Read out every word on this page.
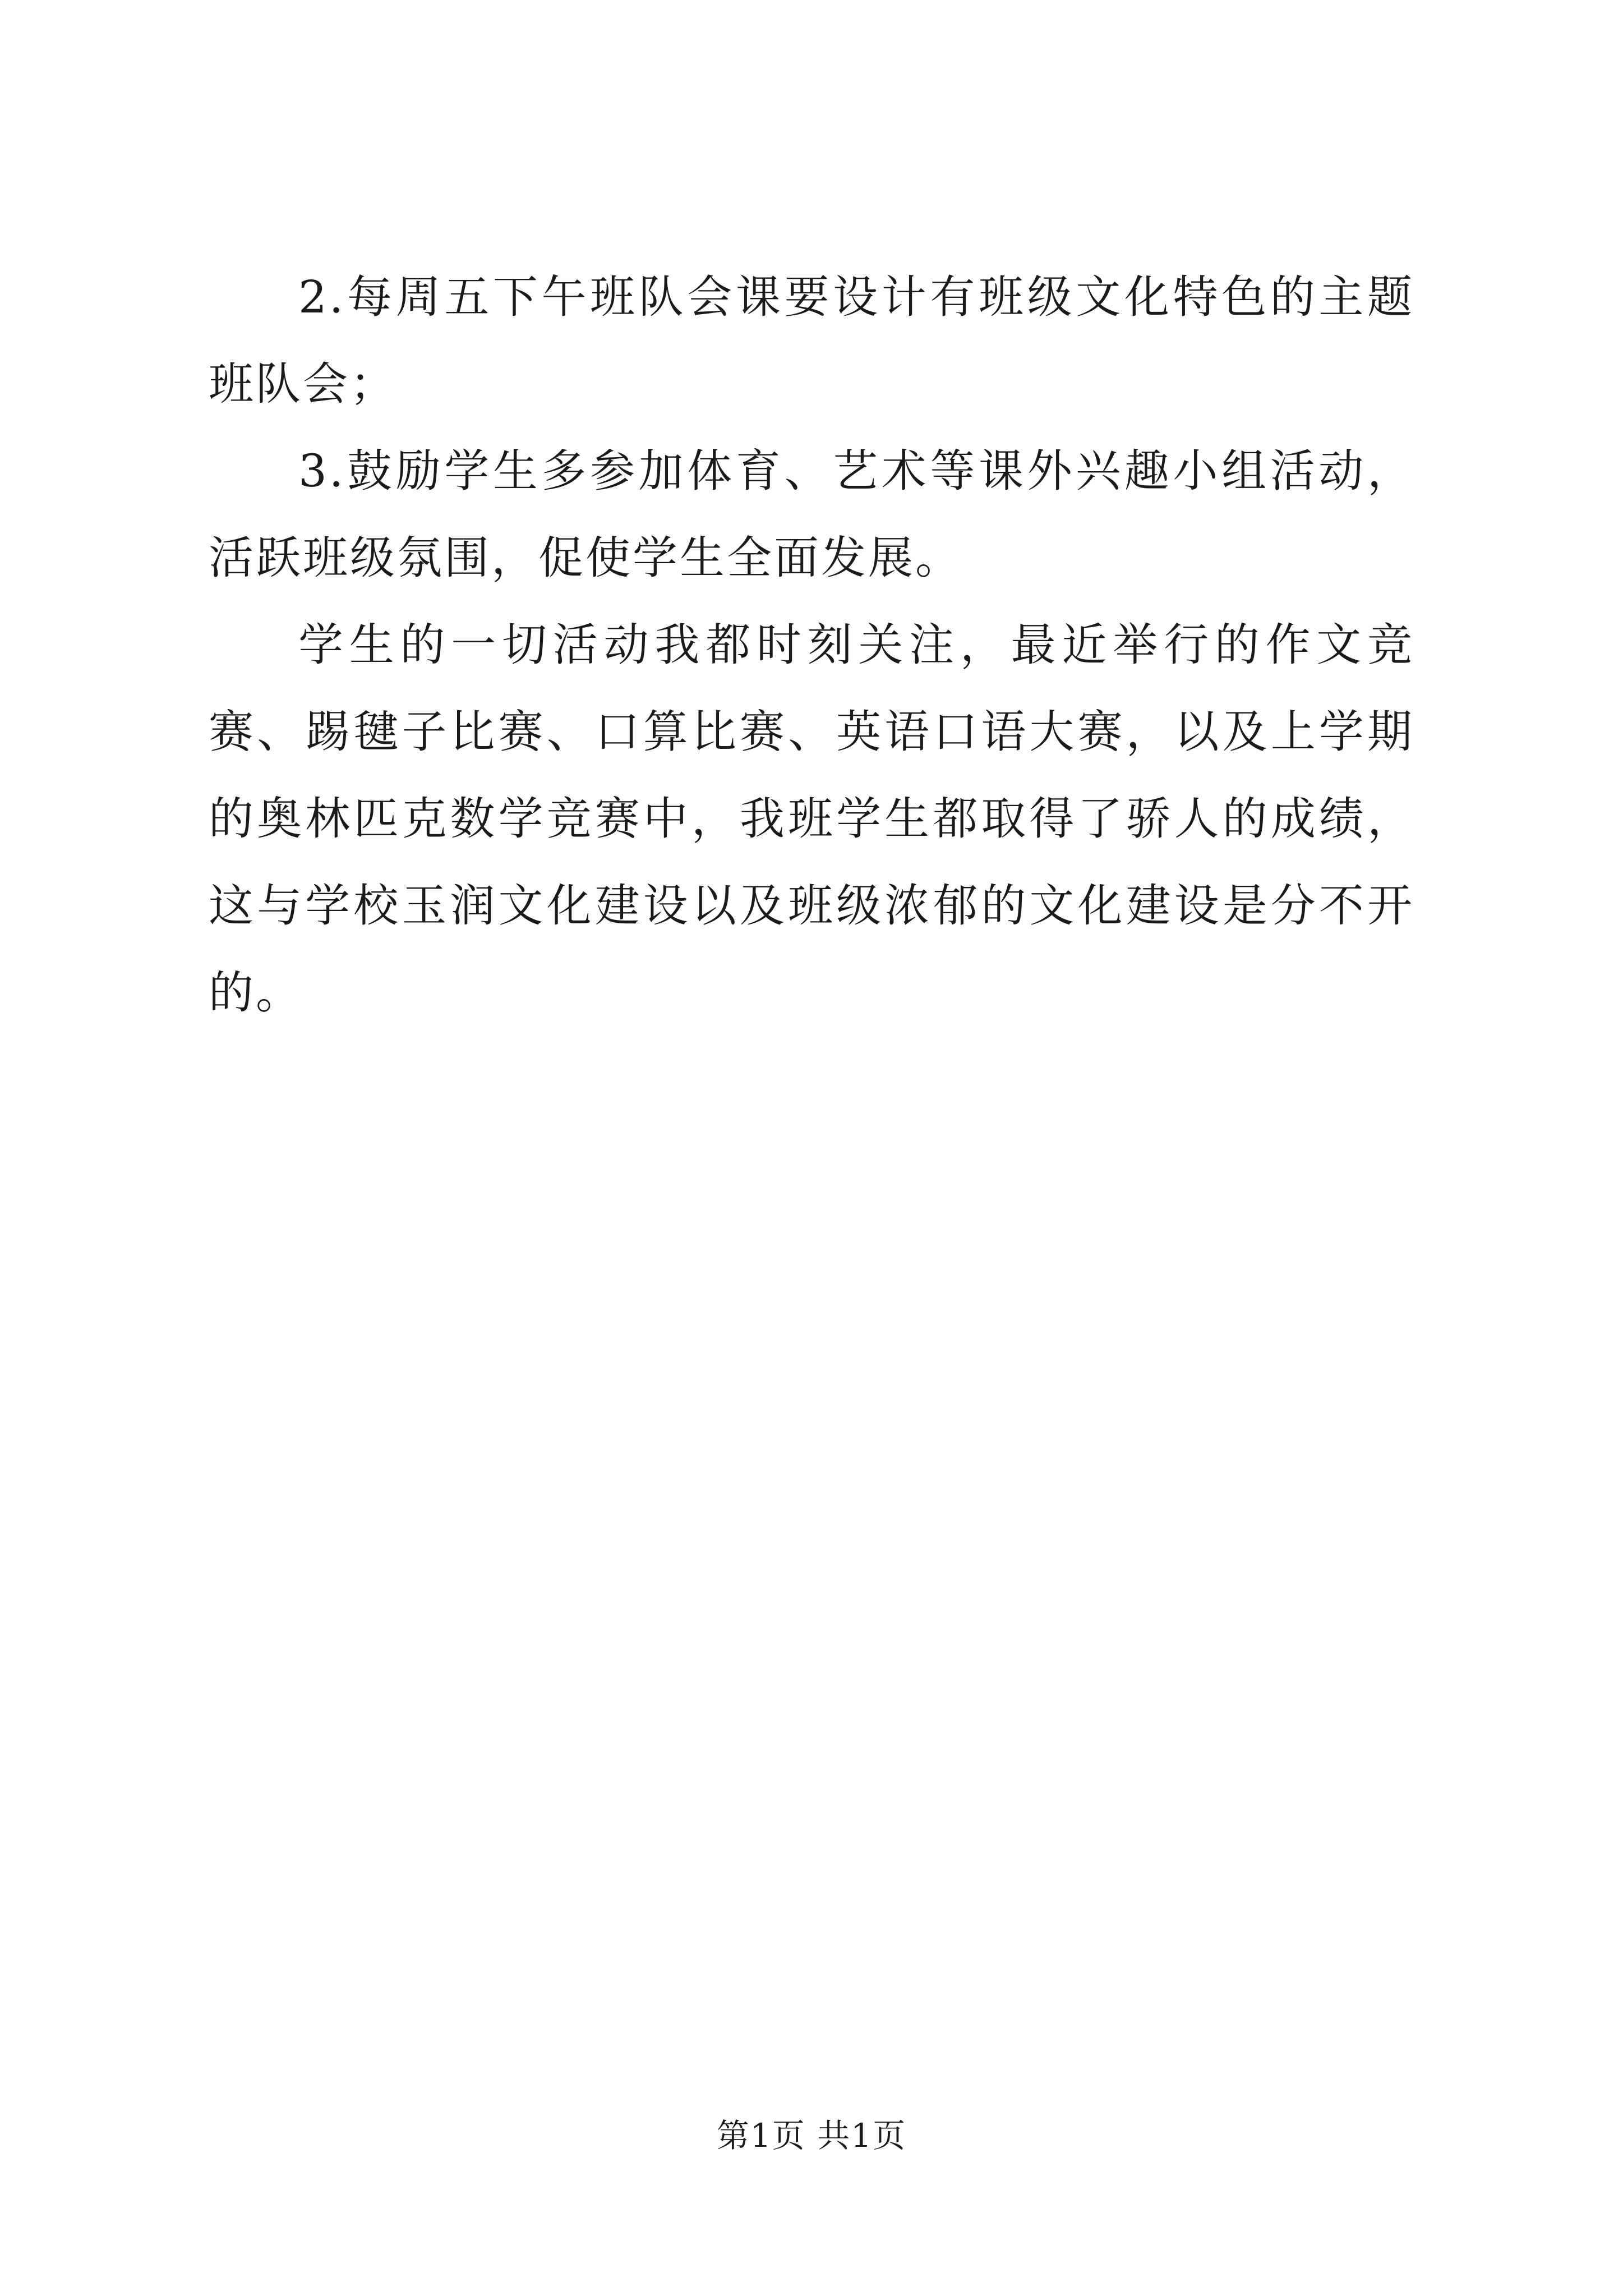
2.每周五下午班队会课要设计有班级文化特色的主题班队会；

3.鼓励学生多参加体育、艺术等课外兴趣小组活动，活跃班级氛围，促使学生全面发展。

学生的一切活动我都时刻关注，最近举行的作文竞赛、踢毽子比赛、口算比赛、英语口语大赛，以及上学期的奥林匹克数学竞赛中，我班学生都取得了骄人的成绩，这与学校玉润文化建设以及班级浓郁的文化建设是分不开的。

第1页 共1页
